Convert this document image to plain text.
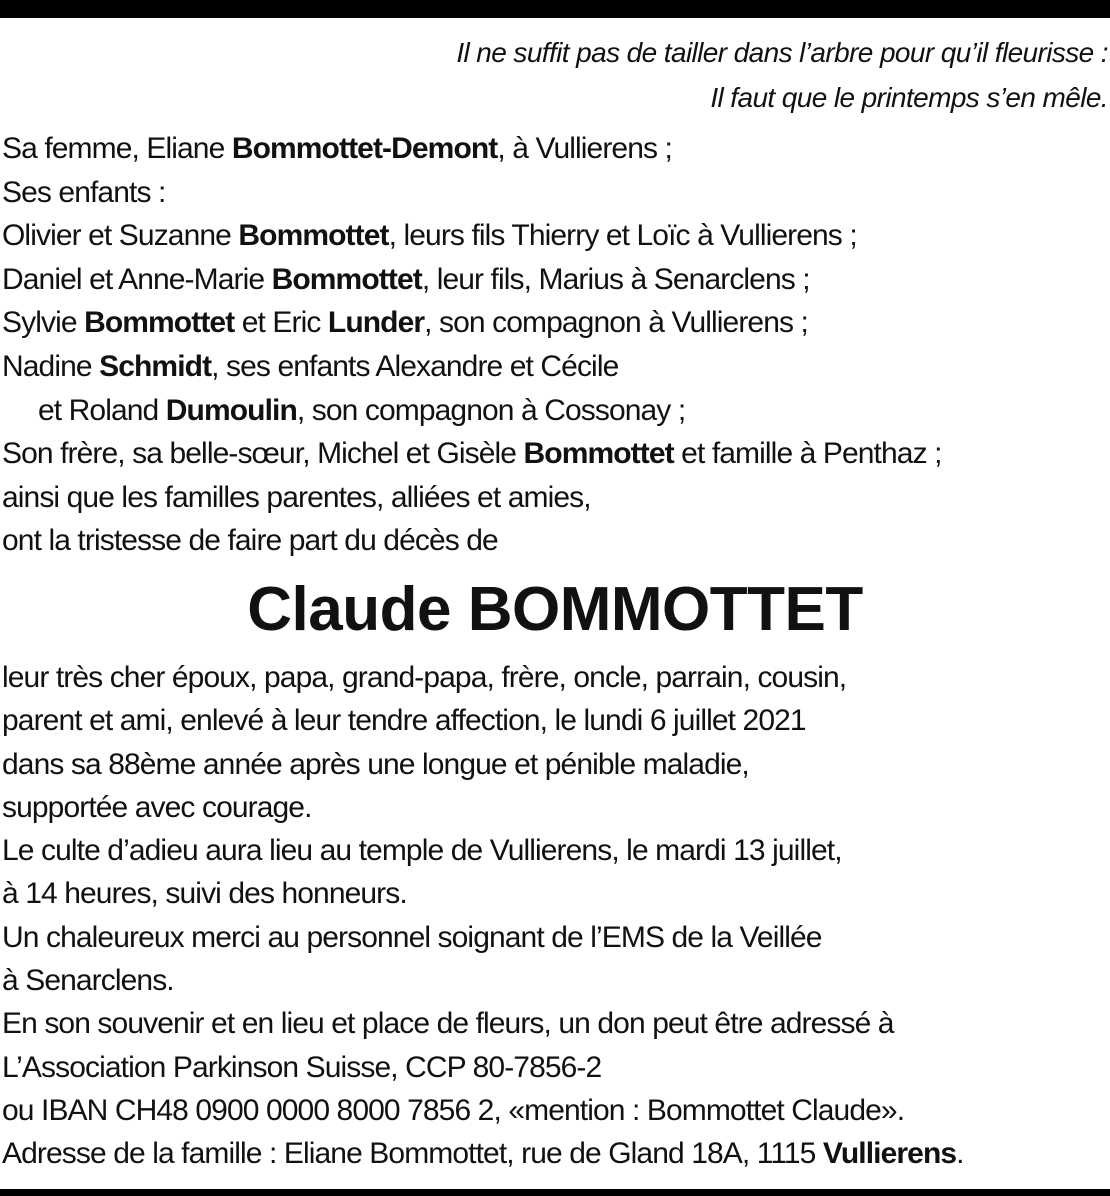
Il ne suffit pas de tailler dans l’arbre pour qu’il fleurisse :
Il faut que le printemps s’en mêle.
Sa femme, Eliane Bommottet-Demont, à Vullierens ;
Ses enfants :
Olivier et Suzanne Bommottet, leurs fils Thierry et Loïc à Vullierens ;
Daniel et Anne-Marie Bommottet, leur fils, Marius à Senarclens ;
Sylvie Bommottet et Eric Lunder, son compagnon à Vullierens ;
Nadine Schmidt, ses enfants Alexandre et Cécile
et Roland Dumoulin, son compagnon à Cossonay ;
Son frère, sa belle-sœur, Michel et Gisèle Bommottet et famille à Penthaz ;
ainsi que les familles parentes, alliées et amies,
ont la tristesse de faire part du décès de
Claude BOMMOTTET
leur très cher époux, papa, grand-papa, frère, oncle, parrain, cousin,
parent et ami, enlevé à leur tendre affection, le lundi 6 juillet 2021
dans sa 88ème année après une longue et pénible maladie,
supportée avec courage.
Le culte d’adieu aura lieu au temple de Vullierens, le mardi 13 juillet,
à 14 heures, suivi des honneurs.
Un chaleureux merci au personnel soignant de l’EMS de la Veillée
à Senarclens.
En son souvenir et en lieu et place de fleurs, un don peut être adressé à
L’Association Parkinson Suisse, CCP 80-7856-2
ou IBAN CH48 0900 0000 8000 7856 2, «mention : Bommottet Claude».
Adresse de la famille : Eliane Bommottet, rue de Gland 18A, 1115 Vullierens.
